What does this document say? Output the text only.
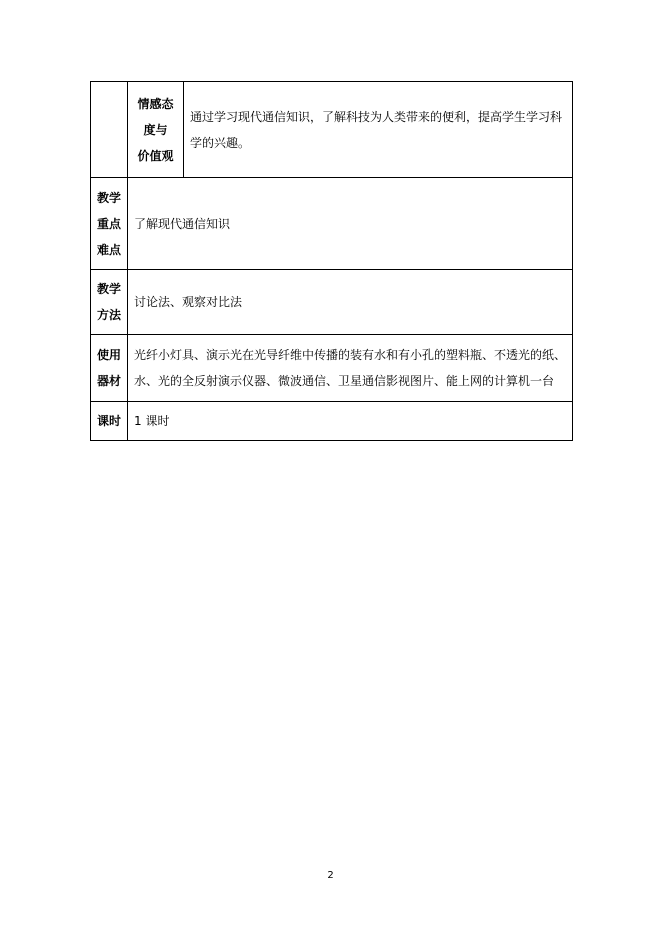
	情感态
度与
价值观	通过学习现代通信知识，了解科技为人类带来的便利，提高学生学习科学的兴趣。

教学
重点
难点	了解现代通信知识	

教学
方法	讨论法、观察对比法	

使用
器材	光纤小灯具、演示光在光导纤维中传播的装有水和有小孔的塑料瓶、不透光的纸、水、光的全反射演示仪器、微波通信、卫星通信影视图片、能上网的计算机一台	

课时	1 课时	
2
